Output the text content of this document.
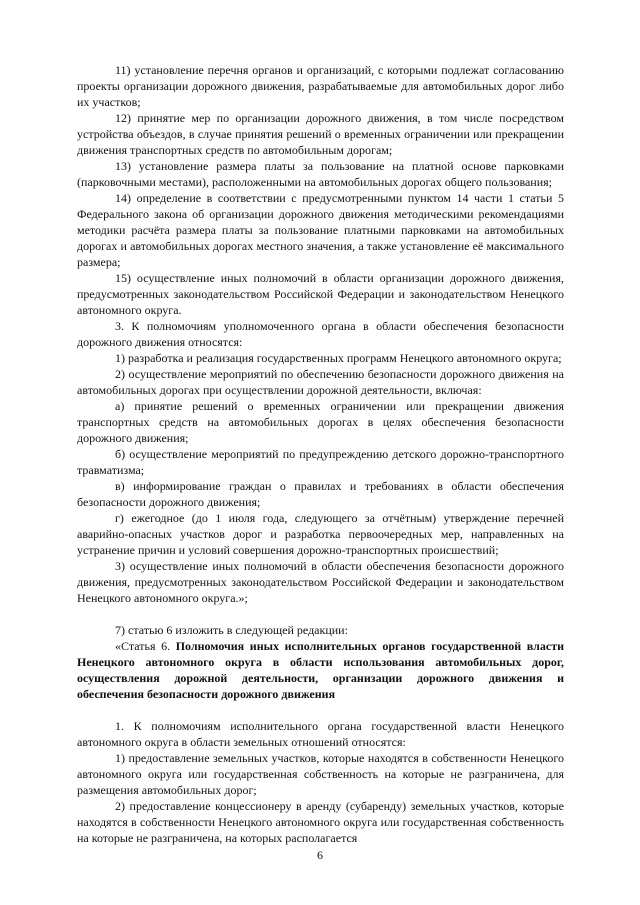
11) установление перечня органов и организаций, с которыми подлежат согласованию проекты организации дорожного движения, разрабатываемые для автомобильных дорог либо их участков;

12) принятие мер по организации дорожного движения, в том числе посредством устройства объездов, в случае принятия решений о временных ограничении или прекращении движения транспортных средств по автомобильным дорогам;

13) установление размера платы за пользование на платной основе парковками (парковочными местами), расположенными на автомобильных дорогах общего пользования;

14) определение в соответствии с предусмотренными пунктом 14 части 1 статьи 5 Федерального закона об организации дорожного движения методическими рекомендациями методики расчёта размера платы за пользование платными парковками на автомобильных дорогах и автомобильных дорогах местного значения, а также установление её максимального размера;

15) осуществление иных полномочий в области организации дорожного движения, предусмотренных законодательством Российской Федерации и законодательством Ненецкого автономного округа.

3. К полномочиям уполномоченного органа в области обеспечения безопасности дорожного движения относятся:

1) разработка и реализация государственных программ Ненецкого автономного округа;

2) осуществление мероприятий по обеспечению безопасности дорожного движения на автомобильных дорогах при осуществлении дорожной деятельности, включая:

а) принятие решений о временных ограничении или прекращении движения транспортных средств на автомобильных дорогах в целях обеспечения безопасности дорожного движения;

б) осуществление мероприятий по предупреждению детского дорожно-транспортного травматизма;

в) информирование граждан о правилах и требованиях в области обеспечения безопасности дорожного движения;

г) ежегодное (до 1 июля года, следующего за отчётным) утверждение перечней аварийно-опасных участков дорог и разработка первоочередных мер, направленных на устранение причин и условий совершения дорожно-транспортных происшествий;

3) осуществление иных полномочий в области обеспечения безопасности дорожного движения, предусмотренных законодательством Российской Федерации и законодательством Ненецкого автономного округа.»;

7) статью 6 изложить в следующей редакции:

«Статья 6. Полномочия иных исполнительных органов государственной власти Ненецкого автономного округа в области использования автомобильных дорог, осуществления дорожной деятельности, организации дорожного движения и обеспечения безопасности дорожного движения

1. К полномочиям исполнительного органа государственной власти Ненецкого автономного округа в области земельных отношений относятся:

1) предоставление земельных участков, которые находятся в собственности Ненецкого автономного округа или государственная собственность на которые не разграничена, для размещения автомобильных дорог;

2) предоставление концессионеру в аренду (субаренду) земельных участков, которые находятся в собственности Ненецкого автономного округа или государственная собственность на которые не разграничена, на которых располагается

6
